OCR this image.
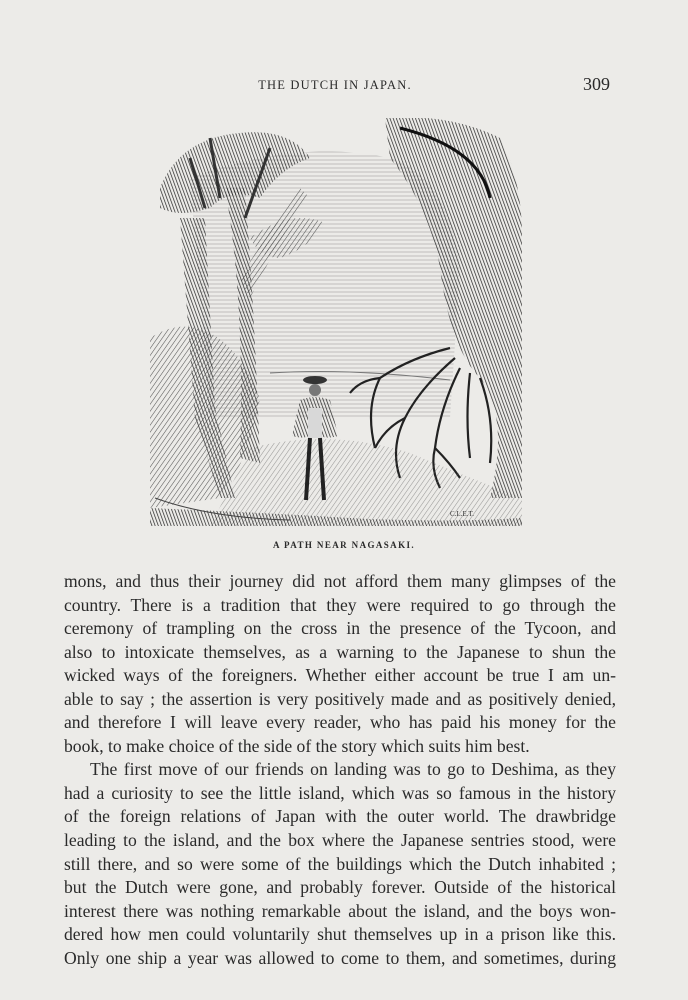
THE DUTCH IN JAPAN.	309
C.L.E.T.
A PATH NEAR NAGASAKI.
mons, and thus their journey did not afford them many glimpses of the
country. There is a tradition that they were required to go through the
ceremony of trampling on the cross in the presence of the Tycoon, and
also to intoxicate themselves, as a warning to the Japanese to shun the
wicked ways of the foreigners. Whether either account be true I am un-
able to say ; the assertion is very positively made and as positively denied,
and therefore I will leave every reader, who has paid his money for the
book, to make choice of the side of the story which suits him best.
The first move of our friends on landing was to go to Deshima, as they
had a curiosity to see the little island, which was so famous in the history
of the foreign relations of Japan with the outer world. The drawbridge
leading to the island, and the box where the Japanese sentries stood, were
still there, and so were some of the buildings which the Dutch inhabited ;
but the Dutch were gone, and probably forever. Outside of the historical
interest there was nothing remarkable about the island, and the boys won-
dered how men could voluntarily shut themselves up in a prison like this.
Only one ship a year was allowed to come to them, and sometimes, during
